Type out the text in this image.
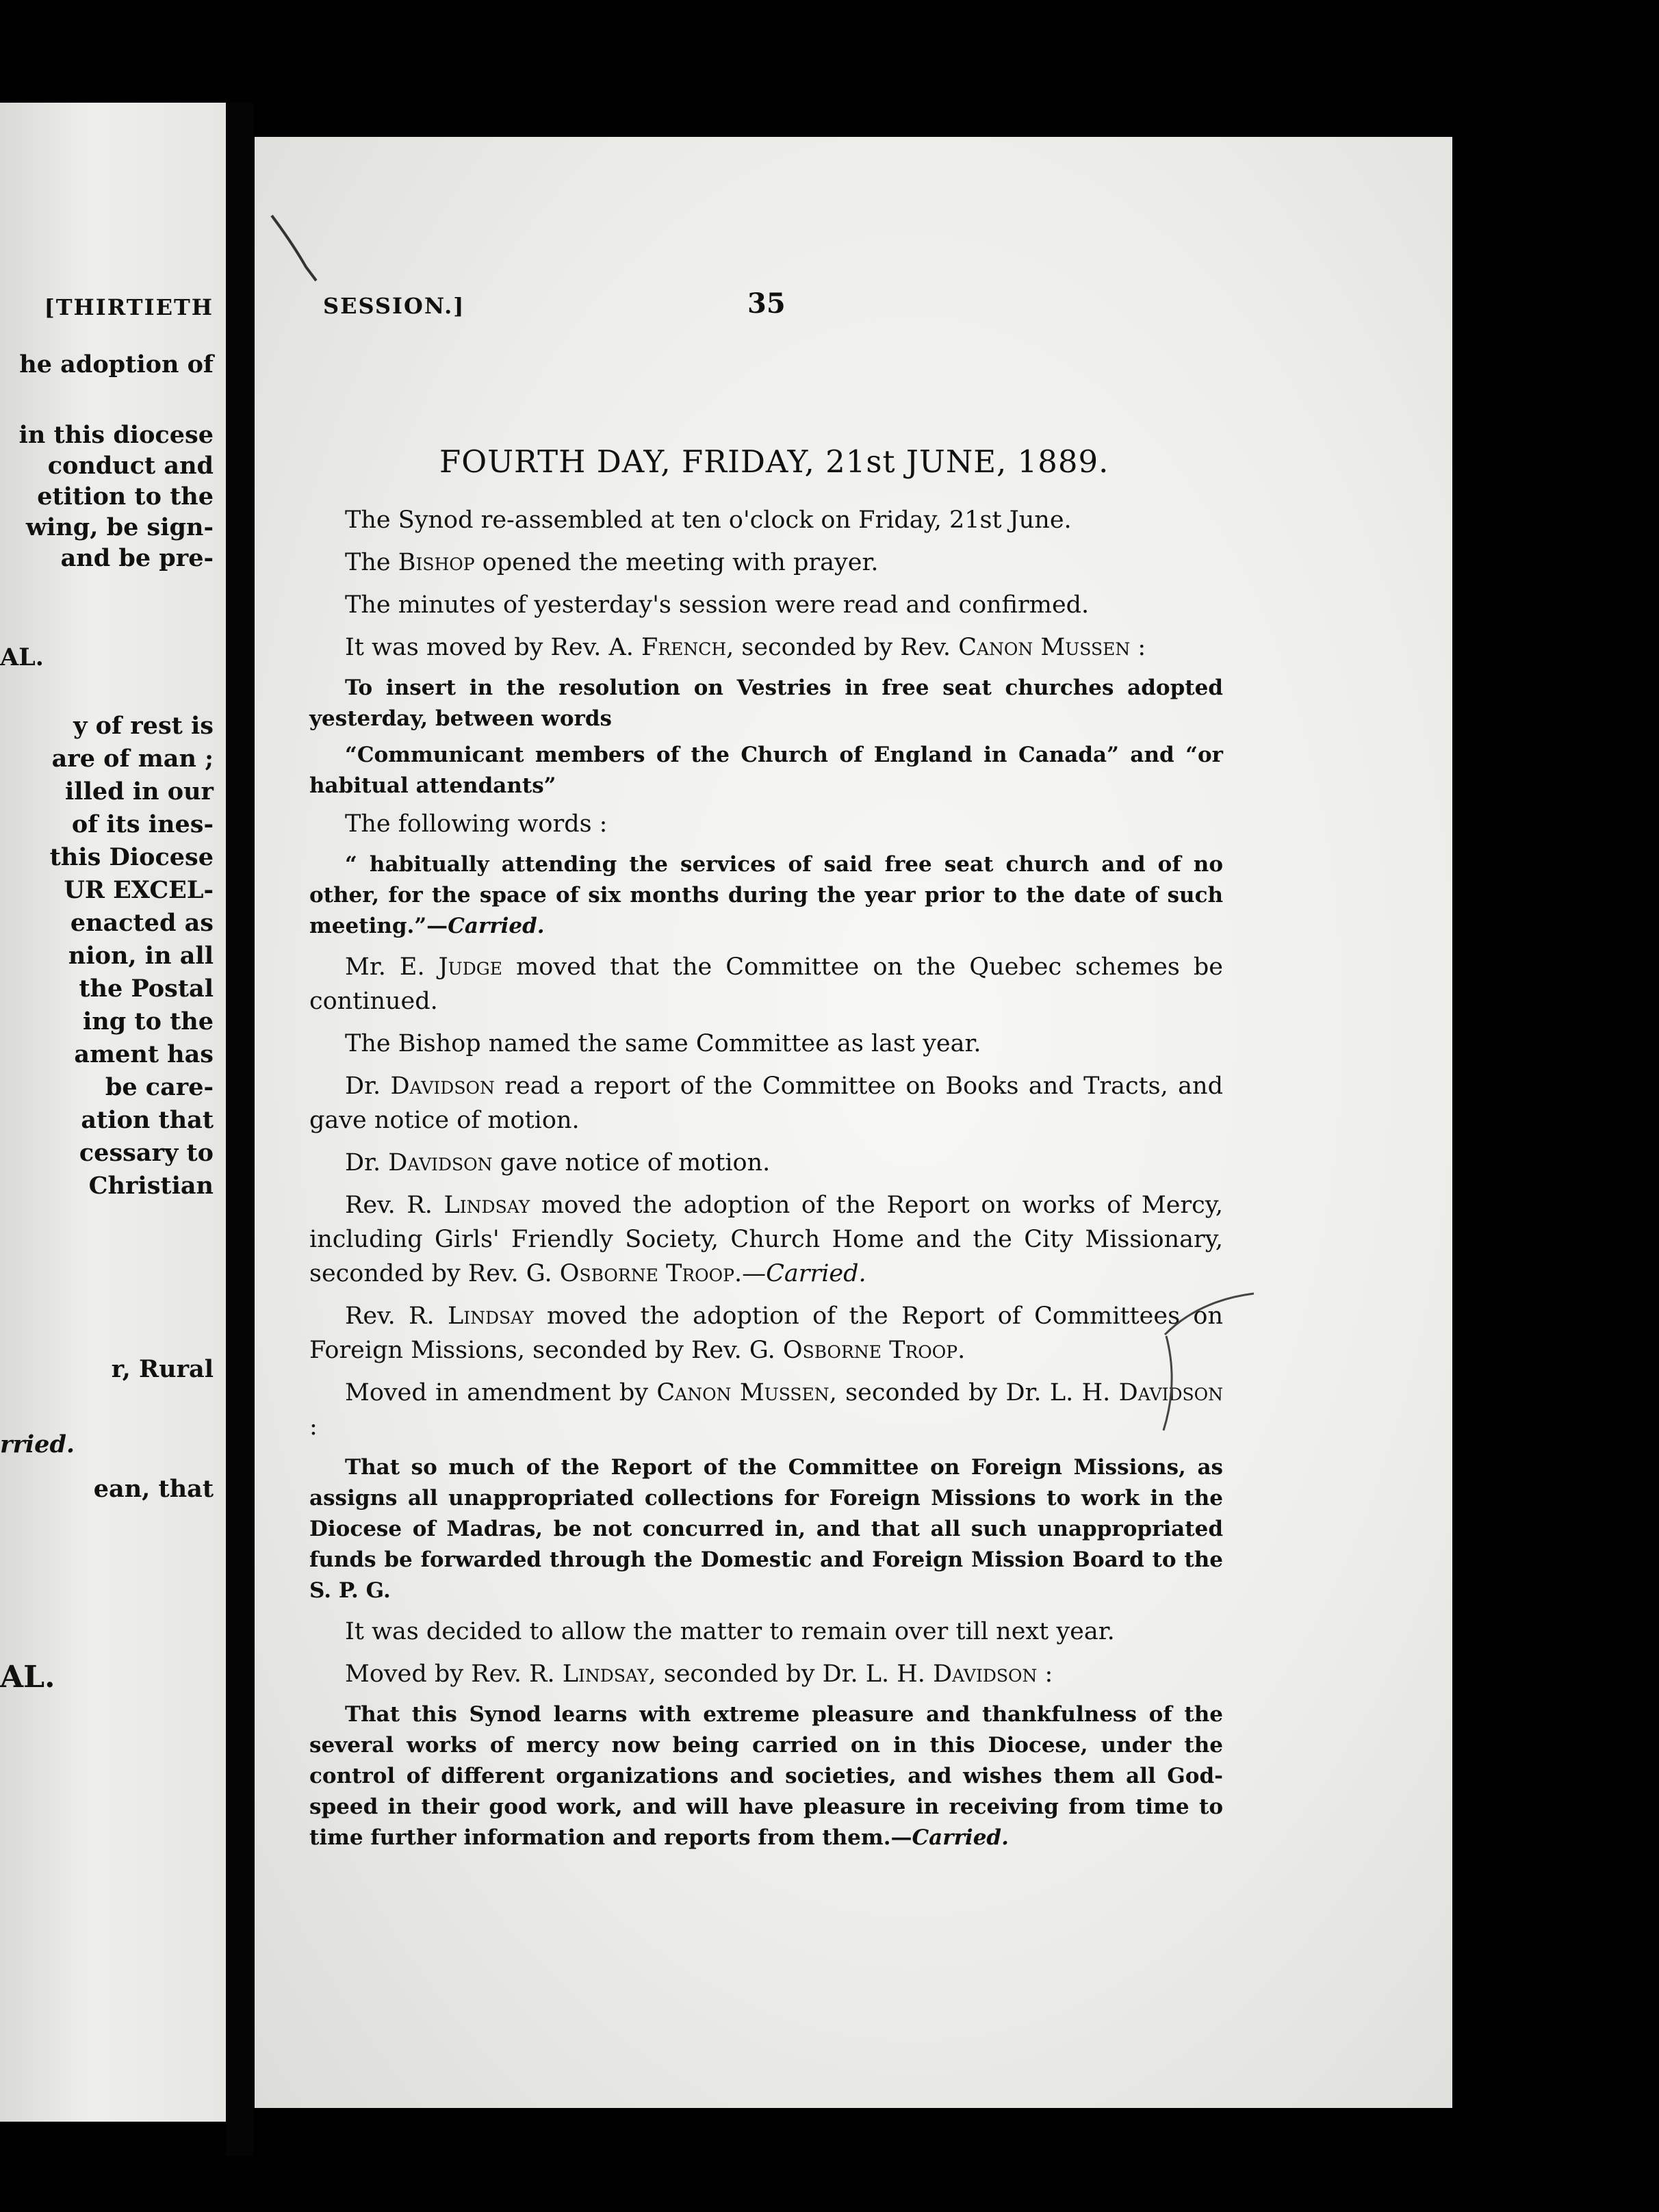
[THIRTIETH
he adoption of
in this diocese
conduct and
etition to the
wing, be sign-
and be pre-
AL.
y of rest is
are of man ;
illed in our
of its ines-
this Diocese
UR EXCEL-
enacted as
nion, in all
the Postal
ing to the
ament has
be care-
ation that
cessary to
Christian
r, Rural
rried.
ean, that
AL.
SESSION.]	35
FOURTH DAY, FRIDAY, 21st JUNE, 1889.

The Synod re-assembled at ten o'clock on Friday, 21st June.

The Bishop opened the meeting with prayer.

The minutes of yesterday's session were read and confirmed.

It was moved by Rev. A. French, seconded by Rev. Canon Mussen :

To insert in the resolution on Vestries in free seat churches adopted yesterday, between words

“Communicant members of the Church of England in Canada” and “or habitual attendants”

The following words :

“ habitually attending the services of said free seat church and of no other, for the space of six months during the year prior to the date of such meeting.”—Carried.

Mr. E. Judge moved that the Committee on the Quebec schemes be continued.

The Bishop named the same Committee as last year.

Dr. Davidson read a report of the Committee on Books and Tracts, and gave notice of motion.

Dr. Davidson gave notice of motion.

Rev. R. Lindsay moved the adoption of the Report on works of Mercy, including Girls' Friendly Society, Church Home and the City Missionary, seconded by Rev. G. Osborne Troop.—Carried.

Rev. R. Lindsay moved the adoption of the Report of Committees on Foreign Missions, seconded by Rev. G. Osborne Troop.

Moved in amendment by Canon Mussen, seconded by Dr. L. H. Davidson :

That so much of the Report of the Committee on Foreign Missions, as assigns all unappropriated collections for Foreign Missions to work in the Diocese of Madras, be not concurred in, and that all such unappropriated funds be forwarded through the Domestic and Foreign Mission Board to the S. P. G.

It was decided to allow the matter to remain over till next year.

Moved by Rev. R. Lindsay, seconded by Dr. L. H. Davidson :

That this Synod learns with extreme pleasure and thankfulness of the several works of mercy now being carried on in this Diocese, under the control of different organizations and societies, and wishes them all God-speed in their good work, and will have pleasure in receiving from time to time further information and reports from them.—Carried.
